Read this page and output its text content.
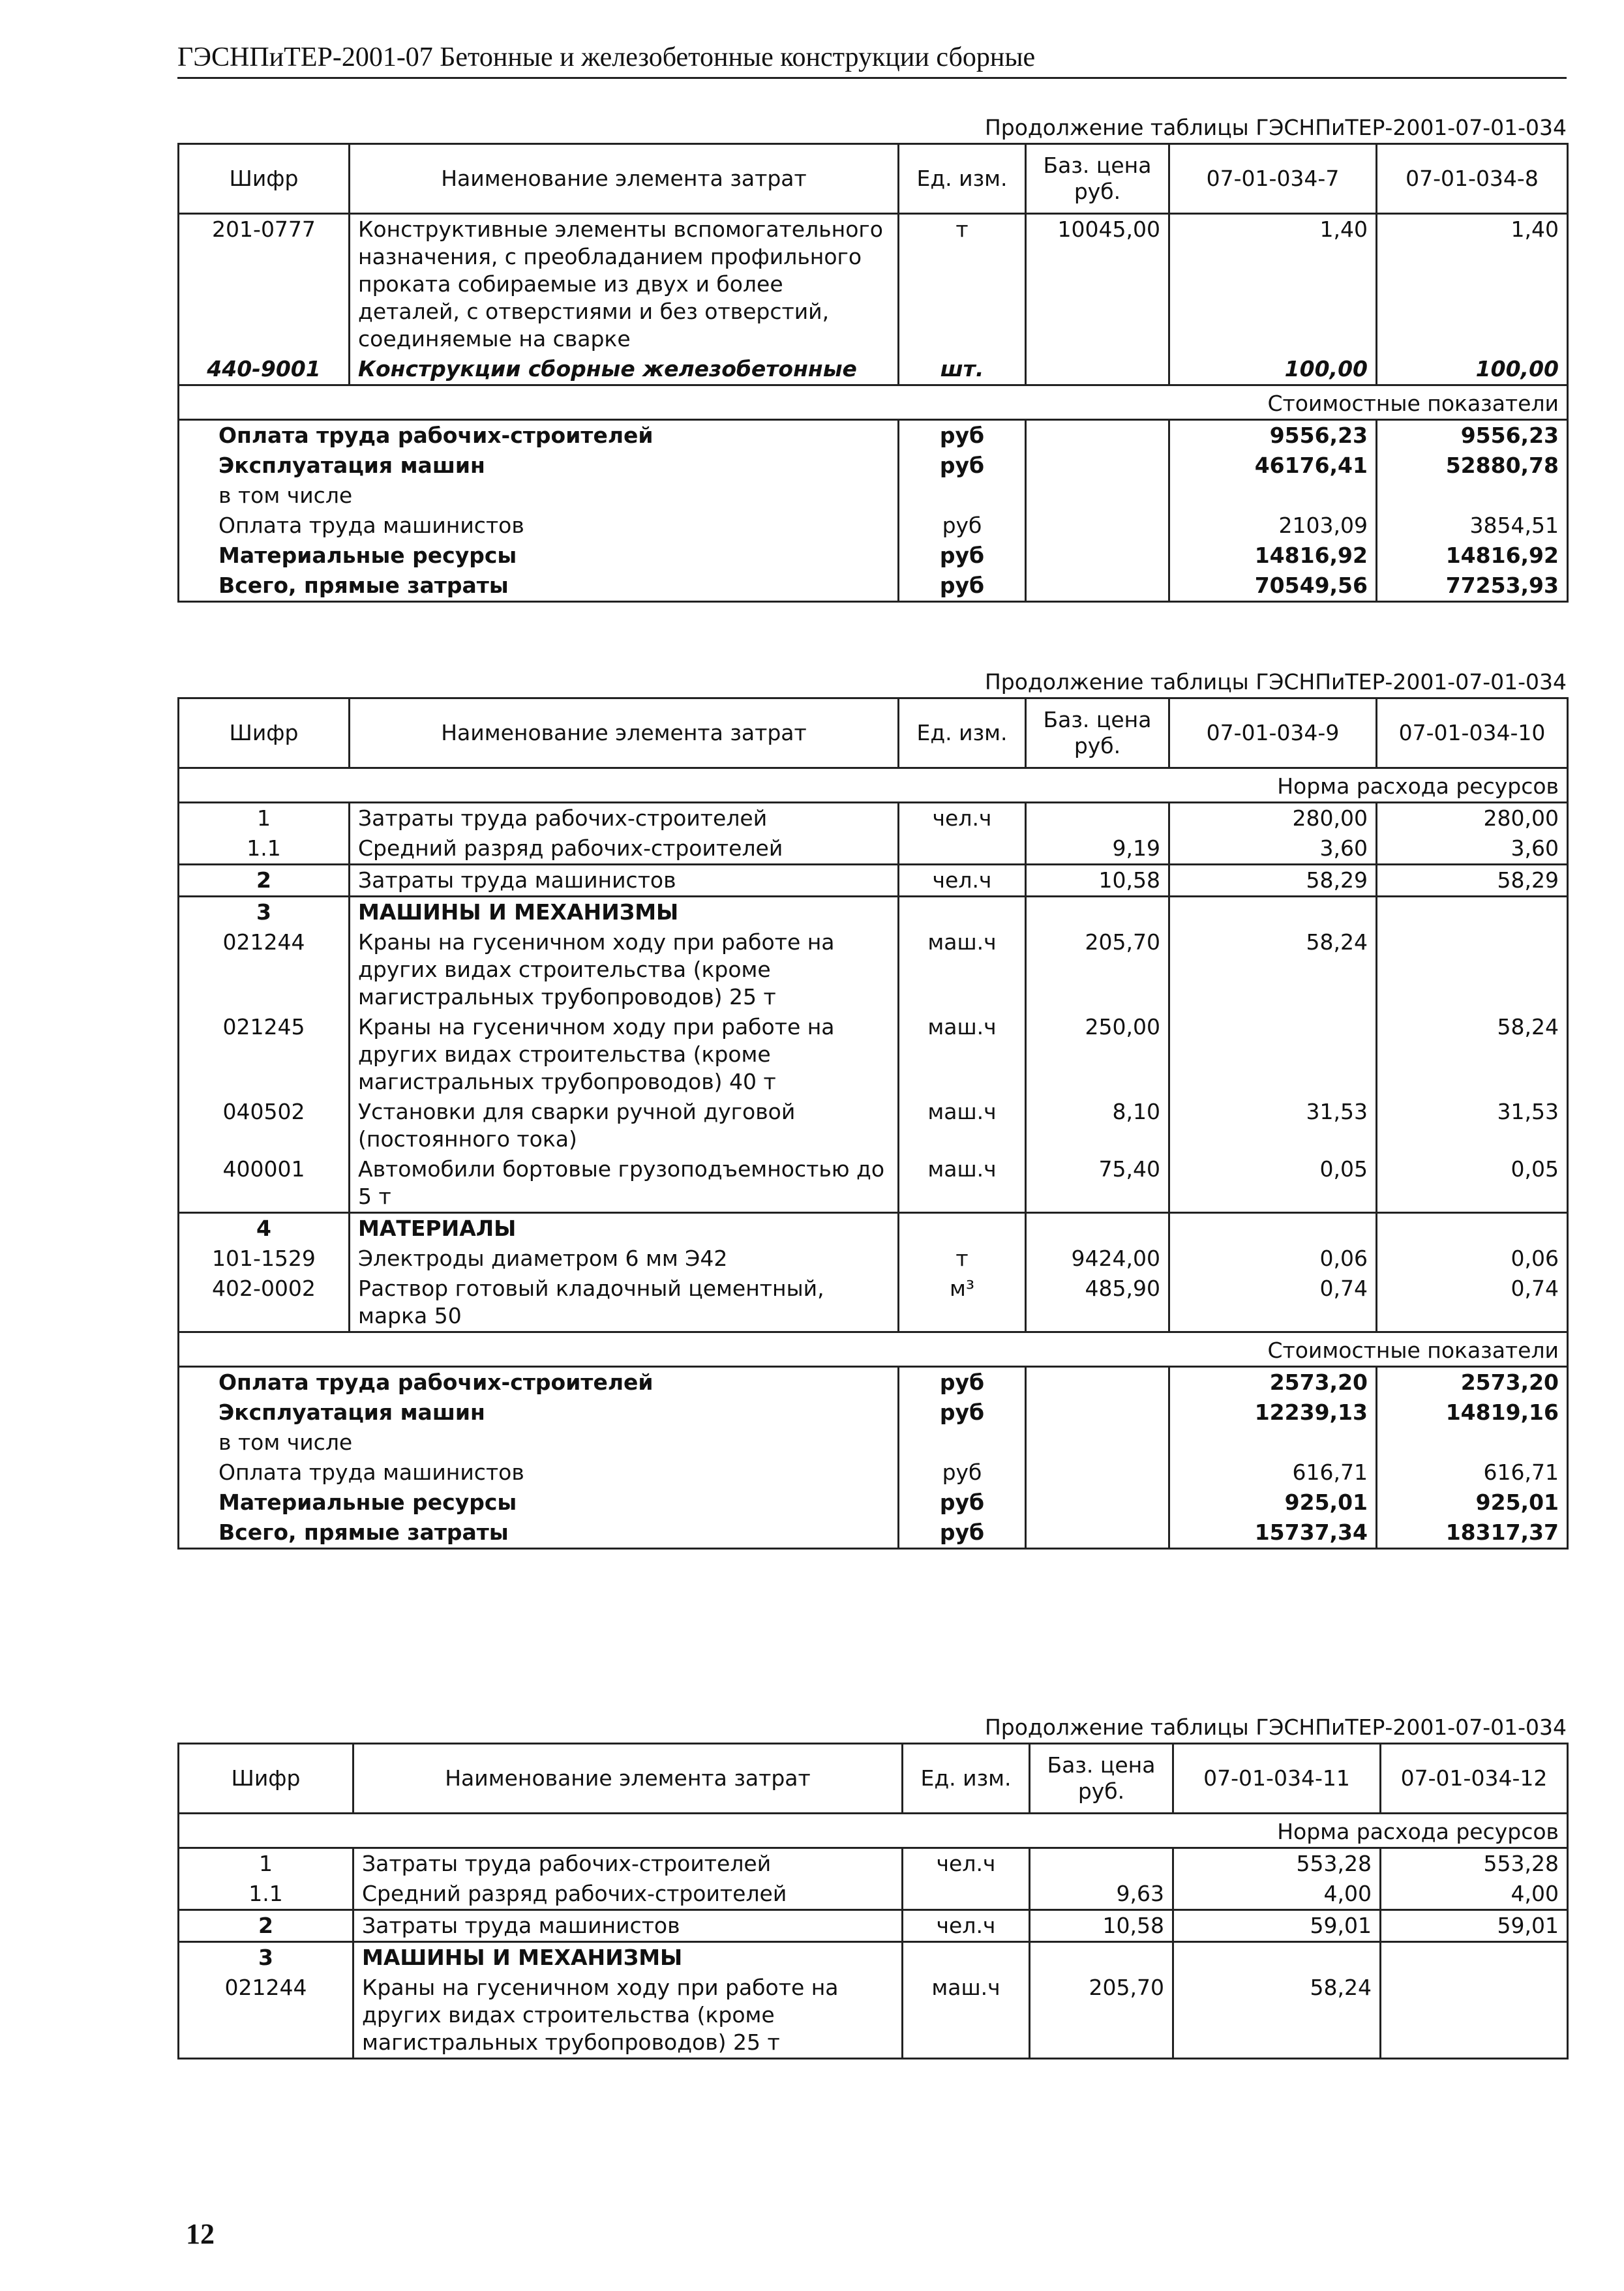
ГЭСНПиТЕР-2001-07 Бетонные и железобетонные конструкции сборные
Продолжение таблицы ГЭСНПиТЕР-2001-07-01-034
Шифр	Наименование элемента затрат	Ед. изм.	Баз. цена руб.	07-01-034-7	07-01-034-8
201-0777	Конструктивные элементы вспомогательного назначения, с преобладанием профильного проката собираемые из двух и более деталей, с отверстиями и без отверстий, соединяемые на сварке	т	10045,00	1,40	1,40
440-9001	Конструкции сборные железобетонные	шт.		100,00	100,00
Стоимостные показатели					
Оплата труда рабочих-строителей		руб		9556,23	9556,23
Эксплуатация машин		руб		46176,41	52880,78
в том числе					
Оплата труда машинистов		руб		2103,09	3854,51
Материальные ресурсы		руб		14816,92	14816,92
Всего, прямые затраты		руб		70549,56	77253,93
Продолжение таблицы ГЭСНПиТЕР-2001-07-01-034
Шифр	Наименование элемента затрат	Ед. изм.	Баз. цена руб.	07-01-034-9	07-01-034-10
Норма расхода ресурсов					
1	Затраты труда рабочих-строителей	чел.ч		280,00	280,00
1.1	Средний разряд рабочих-строителей		9,19	3,60	3,60
2	Затраты труда машинистов	чел.ч	10,58	58,29	58,29
3	МАШИНЫ И МЕХАНИЗМЫ				
021244	Краны на гусеничном ходу при работе на других видах строительства (кроме магистральных трубопроводов) 25 т	маш.ч	205,70	58,24	
021245	Краны на гусеничном ходу при работе на других видах строительства (кроме магистральных трубопроводов) 40 т	маш.ч	250,00		58,24
040502	Установки для сварки ручной дуговой (постоянного тока)	маш.ч	8,10	31,53	31,53
400001	Автомобили бортовые грузоподъемностью до 5 т	маш.ч	75,40	0,05	0,05
4	МАТЕРИАЛЫ				
101-1529	Электроды диаметром 6 мм Э42	т	9424,00	0,06	0,06
402-0002	Раствор готовый кладочный цементный, марка 50	м³	485,90	0,74	0,74
Стоимостные показатели					
Оплата труда рабочих-строителей		руб		2573,20	2573,20
Эксплуатация машин		руб		12239,13	14819,16
в том числе					
Оплата труда машинистов		руб		616,71	616,71
Материальные ресурсы		руб		925,01	925,01
Всего, прямые затраты		руб		15737,34	18317,37
Продолжение таблицы ГЭСНПиТЕР-2001-07-01-034
Шифр	Наименование элемента затрат	Ед. изм.	Баз. цена руб.	07-01-034-11	07-01-034-12
Норма расхода ресурсов					
1	Затраты труда рабочих-строителей	чел.ч		553,28	553,28
1.1	Средний разряд рабочих-строителей		9,63	4,00	4,00
2	Затраты труда машинистов	чел.ч	10,58	59,01	59,01
3	МАШИНЫ И МЕХАНИЗМЫ				
021244	Краны на гусеничном ходу при работе на других видах строительства (кроме магистральных трубопроводов) 25 т	маш.ч	205,70	58,24	
12
